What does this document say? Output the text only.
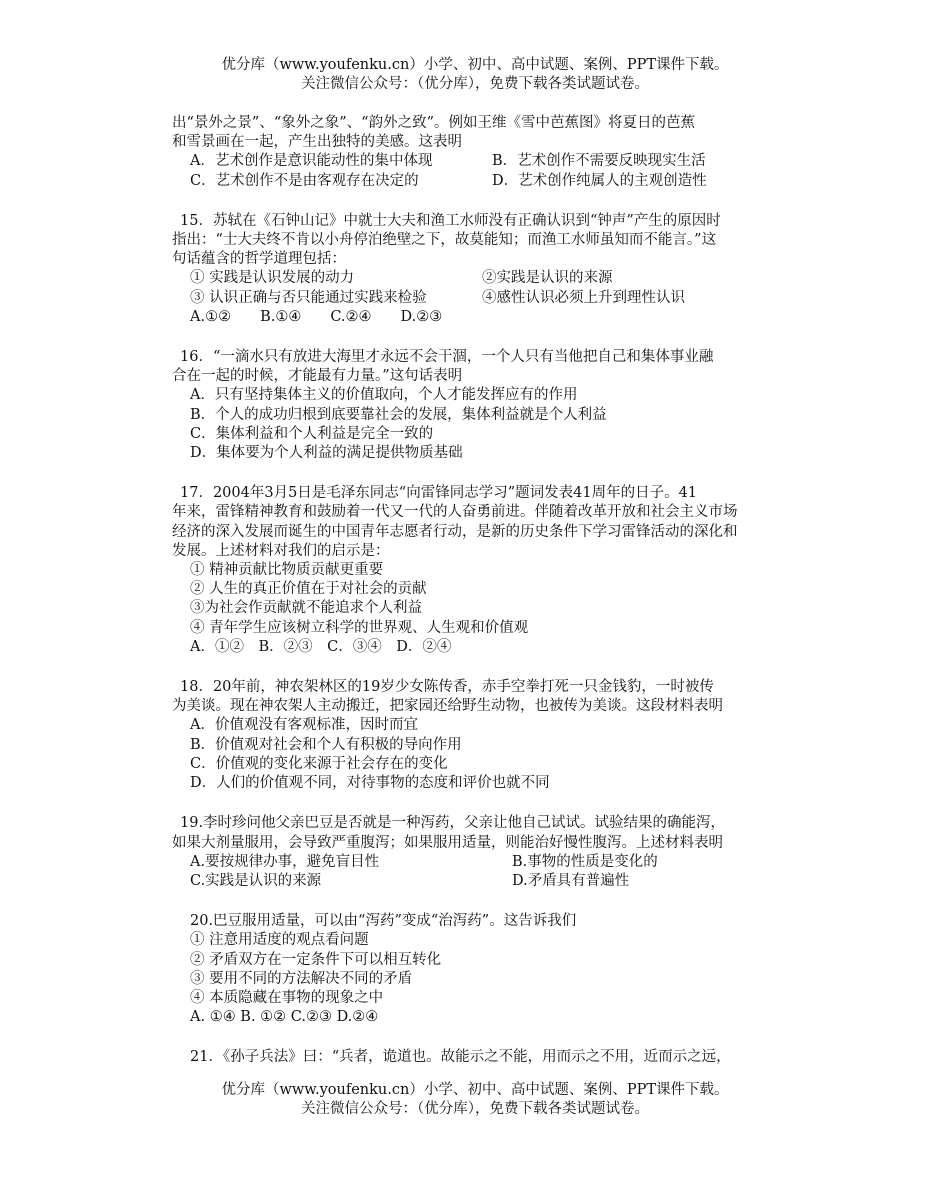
优分库（www.youfenku.cn）小学、初中、高中试题、案例、PPT课件下载。
关注微信公众号：（优分库），免费下载各类试题试卷。

出“景外之景”、“象外之象”、“韵外之致”。例如王维《雪中芭蕉图》将夏日的芭蕉

和雪景画在一起，产生出独特的美感。这表明

A．艺术创作是意识能动性的集中体现	B．艺术创作不需要反映现实生活
C．艺术创作不是由客观存在决定的	D．艺术创作纯属人的主观创造性

15．苏轼在《石钟山记》中就士大夫和渔工水师没有正确认识到“钟声”产生的原因时

指出：“士大夫终不肯以小舟停泊绝壁之下，故莫能知；而渔工水师虽知而不能言。”这

句话蕴含的哲学道理包括：

① 实践是认识发展的动力	②实践是认识的来源
③ 认识正确与否只能通过实践来检验	④感性认识必须上升到理性认识

A.①②　　B.①④　　C.②④　　D.②③

16．“一滴水只有放进大海里才永远不会干涸，一个人只有当他把自己和集体事业融

合在一起的时候，才能最有力量。”这句话表明

A．只有坚持集体主义的价值取向，个人才能发挥应有的作用

B．个人的成功归根到底要靠社会的发展，集体利益就是个人利益

C．集体利益和个人利益是完全一致的

D．集体要为个人利益的满足提供物质基础

17．2004年3月5日是毛泽东同志“向雷锋同志学习”题词发表41周年的日子。41

年来，雷锋精神教育和鼓励着一代又一代的人奋勇前进。伴随着改革开放和社会主义市场

经济的深入发展而诞生的中国青年志愿者行动，是新的历史条件下学习雷锋活动的深化和

发展。上述材料对我们的启示是：

① 精神贡献比物质贡献更重要

② 人生的真正价值在于对社会的贡献

③为社会作贡献就不能追求个人利益

④ 青年学生应该树立科学的世界观、人生观和价值观

A．①②　B．②③　C．③④　D．②④

18．20年前，神农架林区的19岁少女陈传香，赤手空拳打死一只金钱豹，一时被传

为美谈。现在神农架人主动搬迁，把家园还给野生动物，也被传为美谈。这段材料表明

A．价值观没有客观标准，因时而宜

B．价值观对社会和个人有积极的导向作用

C．价值观的变化来源于社会存在的变化

D．人们的价值观不同，对待事物的态度和评价也就不同

19.李时珍问他父亲巴豆是否就是一种泻药，父亲让他自己试试。试验结果的确能泻，

如果大剂量服用，会导致严重腹泻；如果服用适量，则能治好慢性腹泻。上述材料表明

A.要按规律办事，避免盲目性	B.事物的性质是变化的
C.实践是认识的来源	D.矛盾具有普遍性

20.巴豆服用适量，可以由“泻药”变成“治泻药”。这告诉我们

① 注意用适度的观点看问题

② 矛盾双方在一定条件下可以相互转化

③ 要用不同的方法解决不同的矛盾

④ 本质隐藏在事物的现象之中

A. ①④ B. ①② C.②③ D.②④

21．《孙子兵法》曰：“兵者，诡道也。故能示之不能，用而示之不用，近而示之远，

优分库（www.youfenku.cn）小学、初中、高中试题、案例、PPT课件下载。
关注微信公众号：（优分库），免费下载各类试题试卷。
